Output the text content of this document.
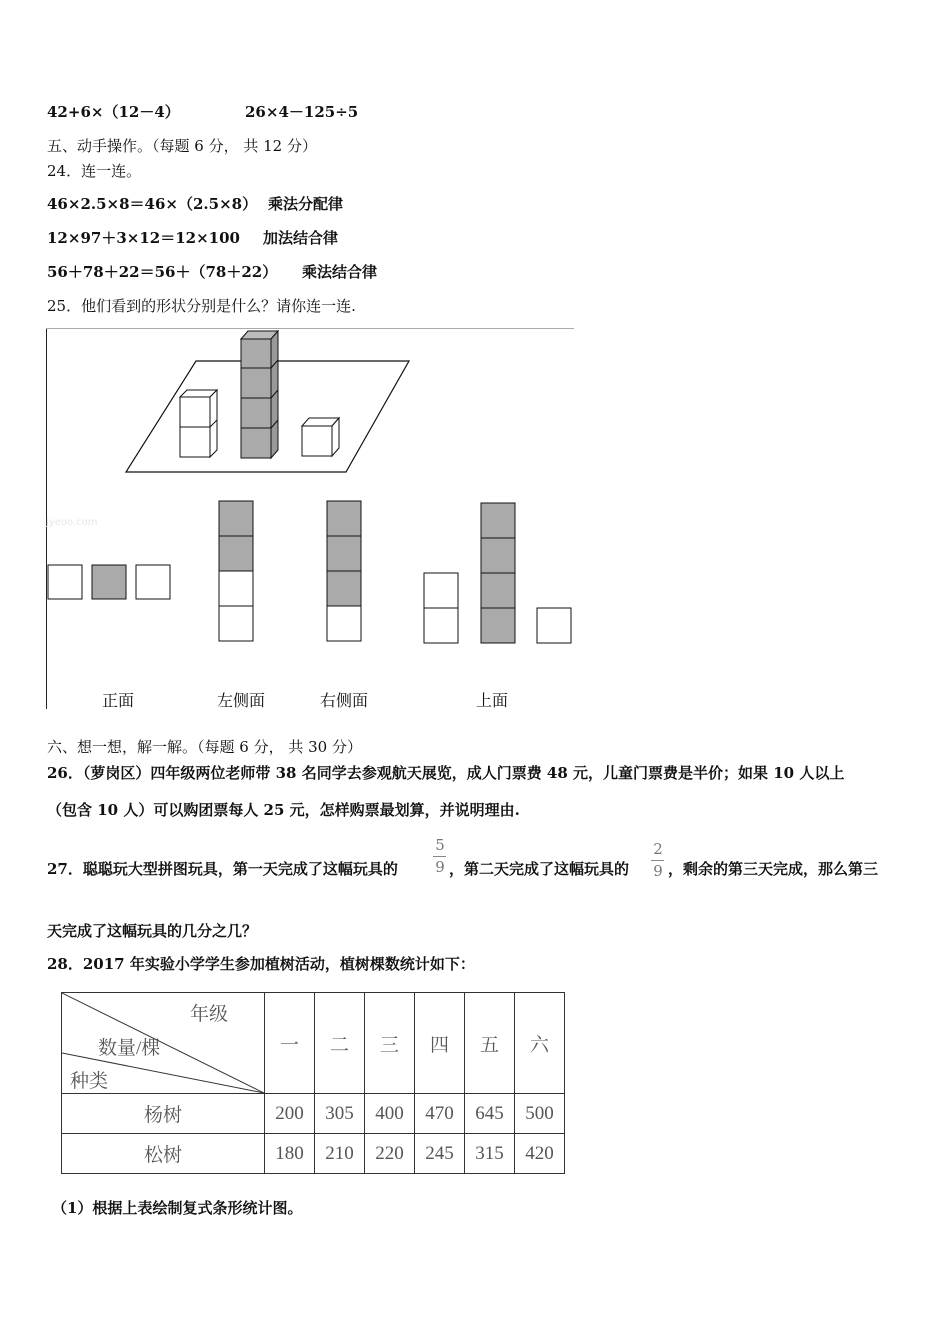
42+6×（12－4）	26×4－125÷5
五、动手操作。（每题 6 分， 共 12 分）
24．连一连。
46×2.5×8＝46×（2.5×8） 乘法分配律
12×97＋3×12＝12×100 加法结合律
56＋78＋22＝56＋（78＋22） 乘法结合律
25．他们看到的形状分别是什么？请你连一连.
jyeoo.com
正面	左侧面	右侧面	上面
六、想一想，解一解。（每题 6 分， 共 30 分）
26．（萝岗区）四年级两位老师带 38 名同学去参观航天展览，成人门票费 48 元，儿童门票费是半价；如果 10 人以上
（包含 10 人）可以购团票每人 25 元，怎样购票最划算，并说明理由.
27．聪聪玩大型拼图玩具，第一天完成了这幅玩具的
5
9 ，第二天完成了这幅玩具的
2
9 ，剩余的第三天完成，那么第三
天完成了这幅玩具的几分之几？
28．2017 年实验小学学生参加植树活动，植树棵数统计如下：
年级
数量/棵
种类	一	二	三	四	五	六
杨树	200	305	400	470	645	500
松树	180	210	220	245	315	420
（1）根据上表绘制复式条形统计图。
